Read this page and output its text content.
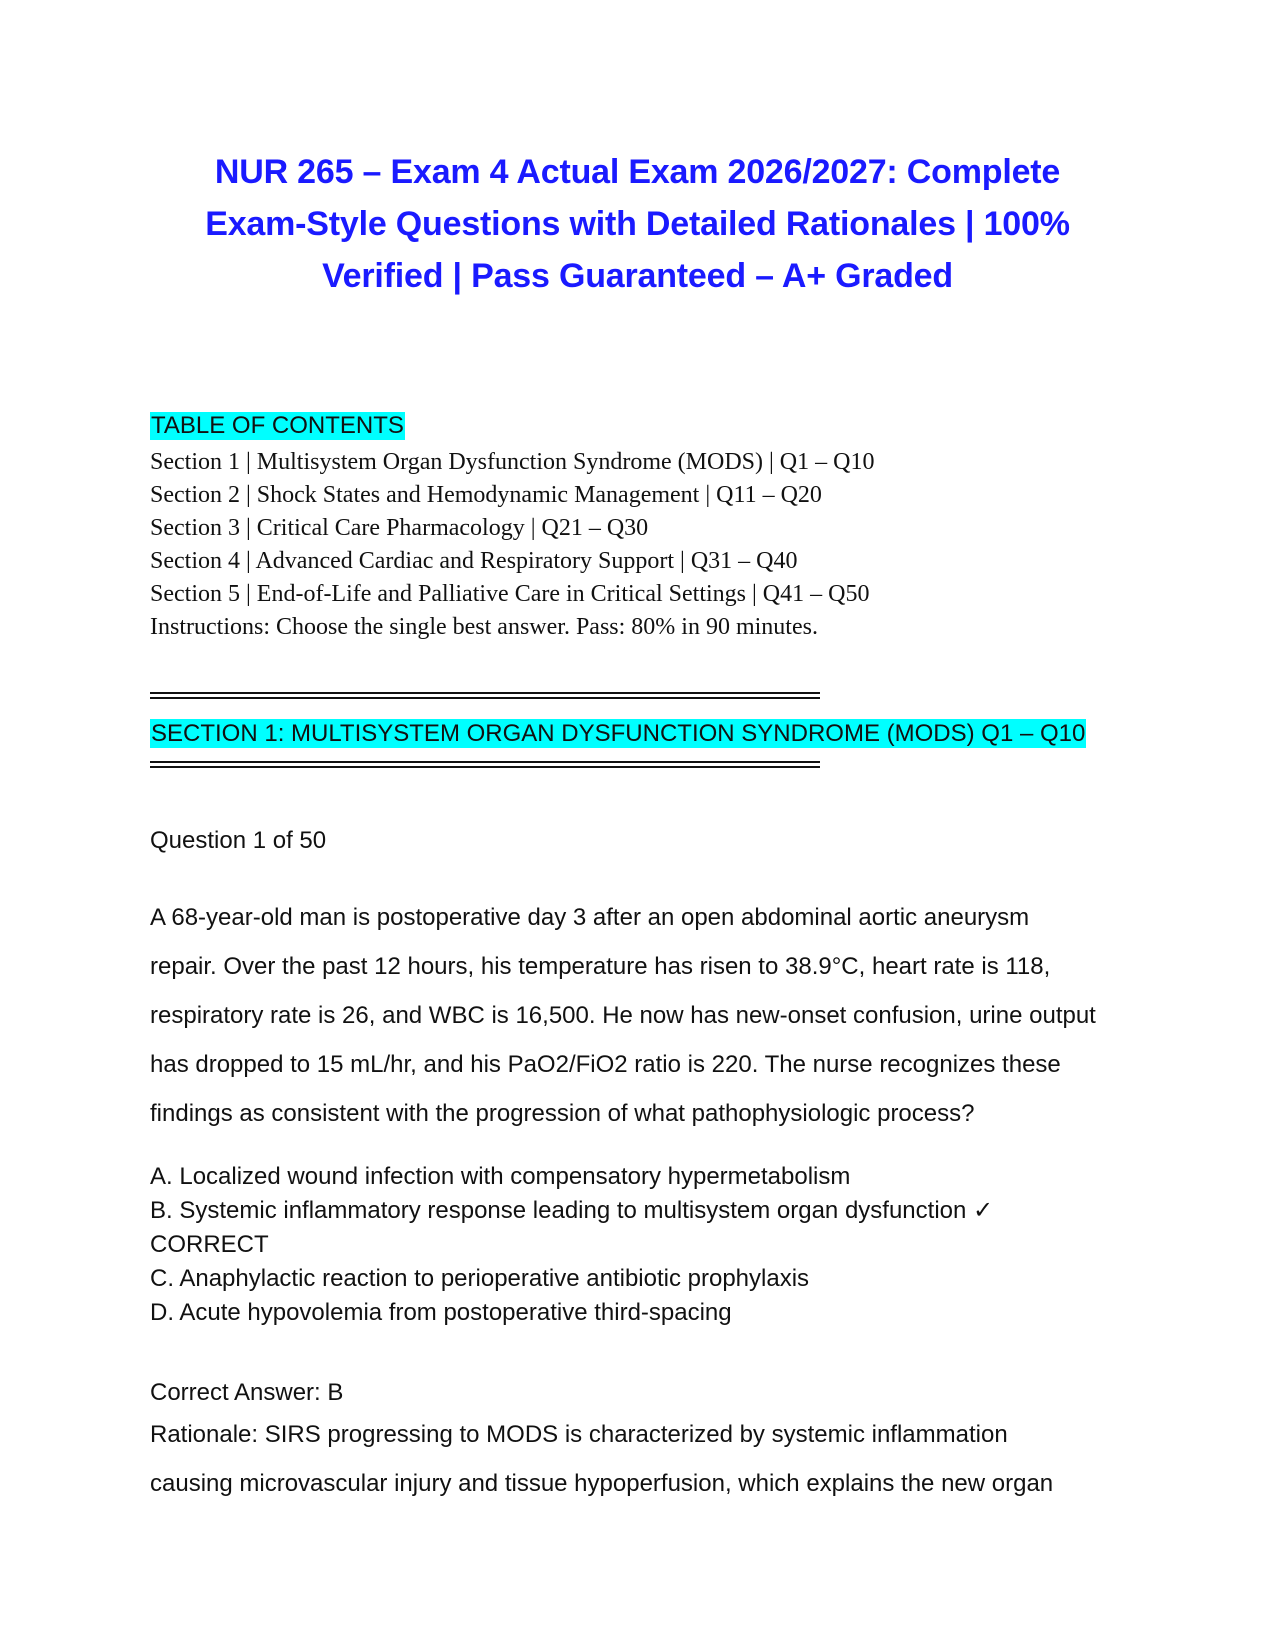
NUR 265 – Exam 4 Actual Exam 2026/2027: Complete
Exam-Style Questions with Detailed Rationales | 100%
Verified | Pass Guaranteed – A+ Graded
TABLE OF CONTENTS
Section 1 | Multisystem Organ Dysfunction Syndrome (MODS) | Q1 – Q10
Section 2 | Shock States and Hemodynamic Management | Q11 – Q20
Section 3 | Critical Care Pharmacology | Q21 – Q30
Section 4 | Advanced Cardiac and Respiratory Support | Q31 – Q40
Section 5 | End-of-Life and Palliative Care in Critical Settings | Q41 – Q50
Instructions: Choose the single best answer. Pass: 80% in 90 minutes.
SECTION 1: MULTISYSTEM ORGAN DYSFUNCTION SYNDROME (MODS) Q1 – Q10
Question 1 of 50
A 68-year-old man is postoperative day 3 after an open abdominal aortic aneurysm
repair. Over the past 12 hours, his temperature has risen to 38.9°C, heart rate is 118,
respiratory rate is 26, and WBC is 16,500. He now has new-onset confusion, urine output
has dropped to 15 mL/hr, and his PaO2/FiO2 ratio is 220. The nurse recognizes these
findings as consistent with the progression of what pathophysiologic process?
A. Localized wound infection with compensatory hypermetabolism
B. Systemic inflammatory response leading to multisystem organ dysfunction ✓
CORRECT
C. Anaphylactic reaction to perioperative antibiotic prophylaxis
D. Acute hypovolemia from postoperative third-spacing
Correct Answer: B
Rationale: SIRS progressing to MODS is characterized by systemic inflammation
causing microvascular injury and tissue hypoperfusion, which explains the new organ
